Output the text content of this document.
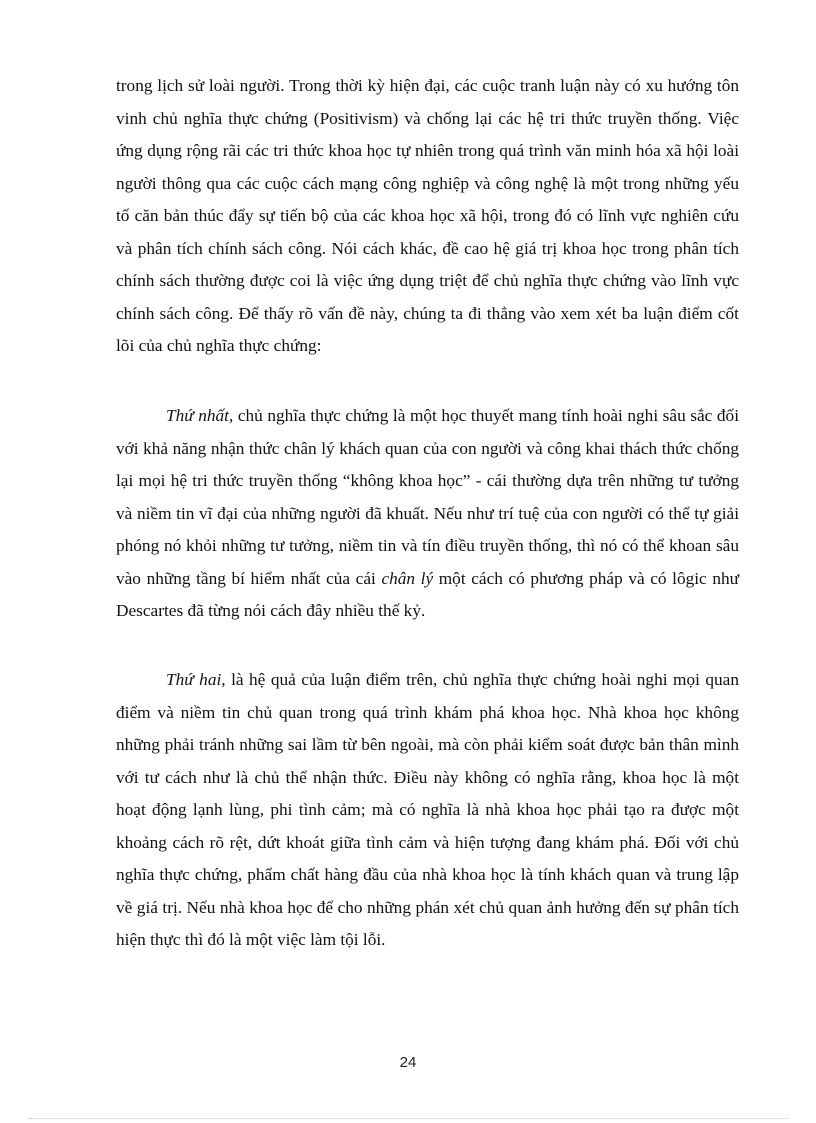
trong lịch sử loài người. Trong thời kỳ hiện đại, các cuộc tranh luận này có xu hướng tôn vinh chủ nghĩa thực chứng (Positivism) và chống lại các hệ tri thức truyền thống. Việc ứng dụng rộng rãi các tri thức khoa học tự nhiên trong quá trình văn minh hóa xã hội loài người thông qua các cuộc cách mạng công nghiệp và công nghệ là một trong những yếu tố căn bản thúc đẩy sự tiến bộ của các khoa học xã hội, trong đó có lĩnh vực nghiên cứu và phân tích chính sách công. Nói cách khác, đề cao hệ giá trị khoa học trong phân tích chính sách thường được coi là việc ứng dụng triệt để chủ nghĩa thực chứng vào lĩnh vực chính sách công. Để thấy rõ vấn đề này, chúng ta đi thẳng vào xem xét ba luận điểm cốt lõi của chủ nghĩa thực chứng:

Thứ nhất, chủ nghĩa thực chứng là một học thuyết mang tính hoài nghi sâu sắc đối với khả năng nhận thức chân lý khách quan của con người và công khai thách thức chống lại mọi hệ tri thức truyền thống “không khoa học” - cái thường dựa trên những tư tưởng và niềm tin vĩ đại của những người đã khuất. Nếu như trí tuệ của con người có thể tự giải phóng nó khỏi những tư tưởng, niềm tin và tín điều truyền thống, thì nó có thể khoan sâu vào những tầng bí hiểm nhất của cái chân lý một cách có phương pháp và có lôgic như Descartes đã từng nói cách đây nhiều thế kỷ.

Thứ hai, là hệ quả của luận điểm trên, chủ nghĩa thực chứng hoài nghi mọi quan điểm và niềm tin chủ quan trong quá trình khám phá khoa học. Nhà khoa học không những phải tránh những sai lầm từ bên ngoài, mà còn phải kiểm soát được bản thân mình với tư cách như là chủ thể nhận thức. Điều này không có nghĩa rằng, khoa học là một hoạt động lạnh lùng, phi tình cảm; mà có nghĩa là nhà khoa học phải tạo ra được một khoảng cách rõ rệt, dứt khoát giữa tình cảm và hiện tượng đang khám phá. Đối với chủ nghĩa thực chứng, phẩm chất hàng đầu của nhà khoa học là tính khách quan và trung lập về giá trị. Nếu nhà khoa học để cho những phán xét chủ quan ảnh hưởng đến sự phân tích hiện thực thì đó là một việc làm tội lỗi.

24
